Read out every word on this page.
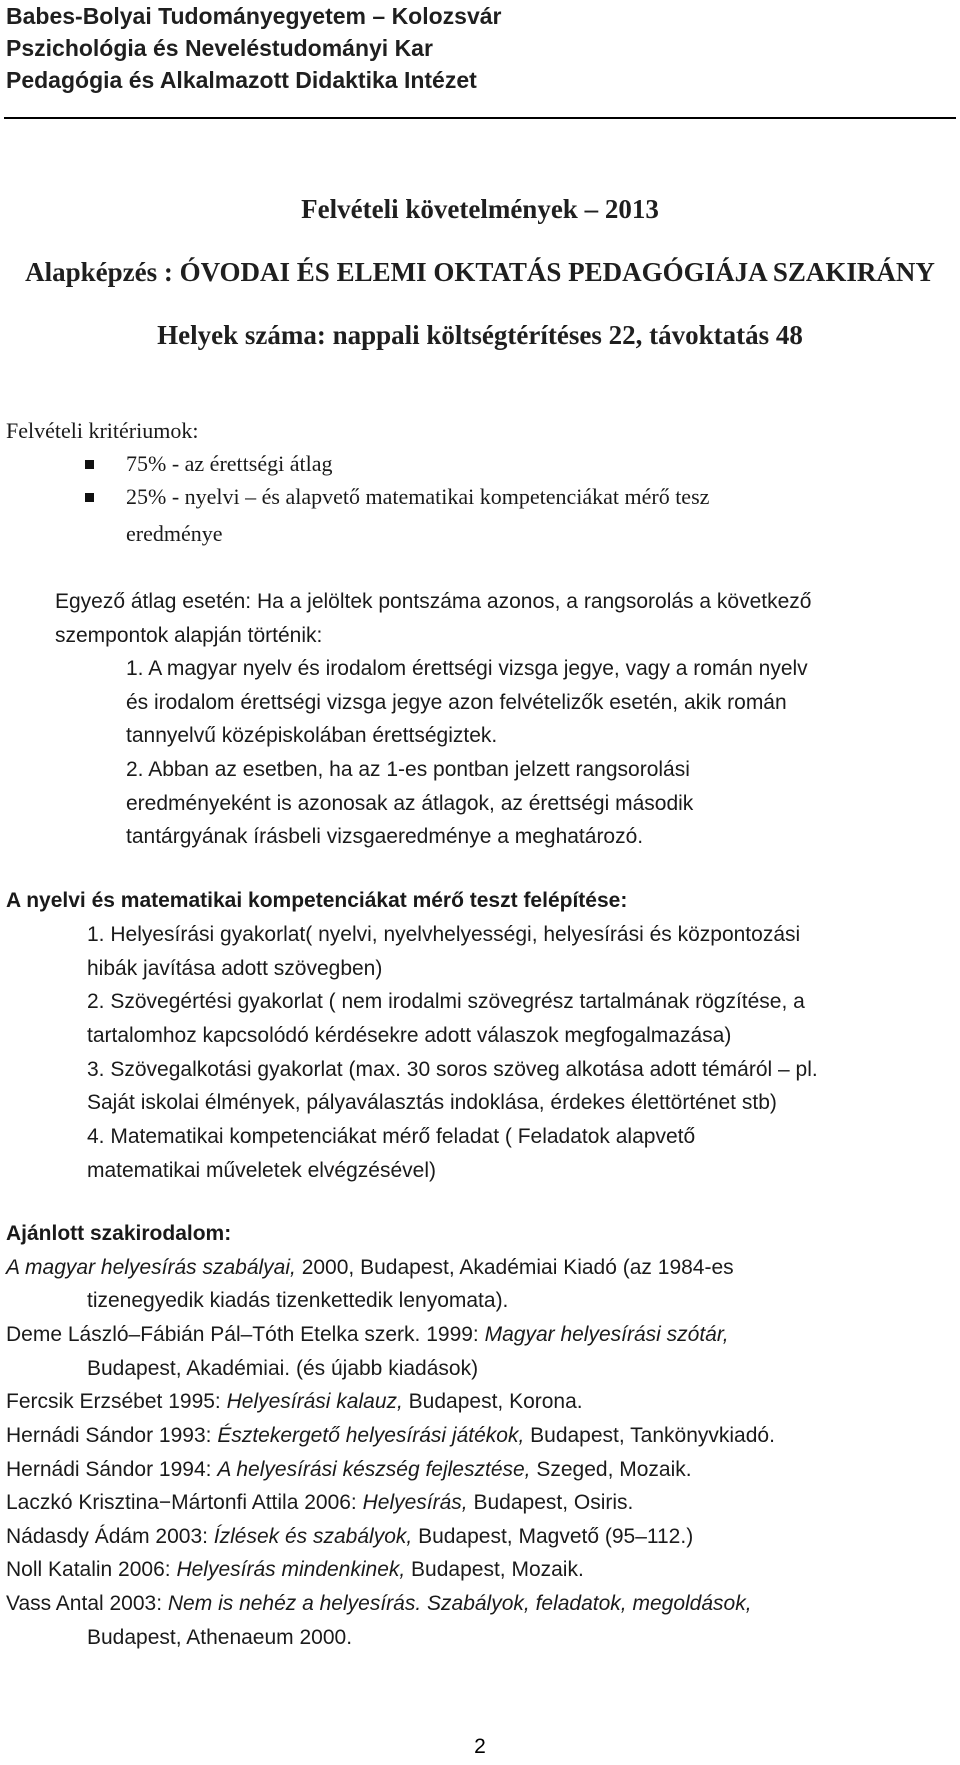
Babes-Bolyai Tudományegyetem – Kolozsvár
Pszichológia és Neveléstudományi Kar
Pedagógia és Alkalmazott Didaktika Intézet
Felvételi követelmények – 2013
Alapképzés : ÓVODAI ÉS ELEMI OKTATÁS PEDAGÓGIÁJA SZAKIRÁNY
Helyek száma: nappali költségtérítéses 22, távoktatás 48
Felvételi kritériumok:
75% - az érettségi átlag
25% - nyelvi – és alapvető matematikai kompetenciákat mérő tesz
eredménye
Egyező átlag esetén: Ha a jelöltek pontszáma azonos, a rangsorolás a következő
szempontok alapján történik:
1. A magyar nyelv és irodalom érettségi vizsga jegye, vagy a román nyelv
és irodalom érettségi vizsga jegye azon felvételizők esetén, akik román
tannyelvű középiskolában érettségiztek.
2. Abban az esetben, ha az 1-es pontban jelzett rangsorolási
eredményeként is azonosak az átlagok, az érettségi második
tantárgyának írásbeli vizsgaeredménye a meghatározó.
A nyelvi és matematikai kompetenciákat mérő teszt felépítése:
1. Helyesírási gyakorlat( nyelvi, nyelvhelyességi, helyesírási és központozási
hibák javítása adott szövegben)
2. Szövegértési gyakorlat ( nem irodalmi szövegrész tartalmának rögzítése, a
tartalomhoz kapcsolódó kérdésekre adott válaszok megfogalmazása)
3. Szövegalkotási gyakorlat (max. 30 soros szöveg alkotása adott témáról – pl.
Saját iskolai élmények, pályaválasztás indoklása, érdekes élettörténet stb)
4. Matematikai kompetenciákat mérő feladat ( Feladatok alapvető
matematikai műveletek elvégzésével)
Ajánlott szakirodalom:
A magyar helyesírás szabályai, 2000, Budapest, Akadémiai Kiadó (az 1984-es
tizenegyedik kiadás tizenkettedik lenyomata).
Deme László–Fábián Pál–Tóth Etelka szerk. 1999: Magyar helyesírási szótár,
Budapest, Akadémiai. (és újabb kiadások)
Fercsik Erzsébet 1995: Helyesírási kalauz, Budapest, Korona.
Hernádi Sándor 1993: Észtekergető helyesírási játékok, Budapest, Tankönyvkiadó.
Hernádi Sándor 1994: A helyesírási készség fejlesztése, Szeged, Mozaik.
Laczkó Krisztina−Mártonfi Attila 2006: Helyesírás, Budapest, Osiris.
Nádasdy Ádám 2003: Ízlések és szabályok, Budapest, Magvető (95–112.)
Noll Katalin 2006: Helyesírás mindenkinek, Budapest, Mozaik.
Vass Antal 2003: Nem is nehéz a helyesírás. Szabályok, feladatok, megoldások,
Budapest, Athenaeum 2000.
2
